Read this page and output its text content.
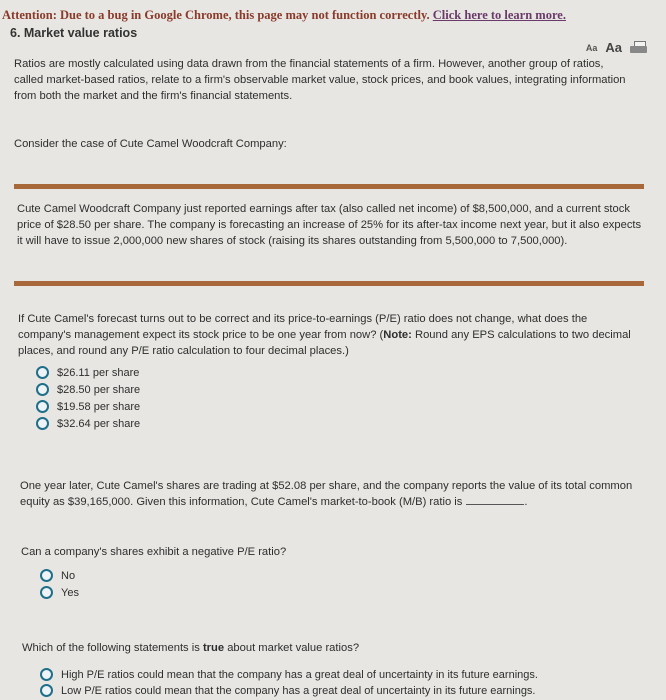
Attention: Due to a bug in Google Chrome, this page may not function correctly. Click here to learn more.
6. Market value ratios
Aa Aa
Ratios are mostly calculated using data drawn from the financial statements of a firm. However, another group of ratios, called market-based ratios, relate to a firm's observable market value, stock prices, and book values, integrating information from both the market and the firm's financial statements.
Consider the case of Cute Camel Woodcraft Company:
Cute Camel Woodcraft Company just reported earnings after tax (also called net income) of $8,500,000, and a current stock price of $28.50 per share. The company is forecasting an increase of 25% for its after-tax income next year, but it also expects it will have to issue 2,000,000 new shares of stock (raising its shares outstanding from 5,500,000 to 7,500,000).
If Cute Camel's forecast turns out to be correct and its price-to-earnings (P/E) ratio does not change, what does the company's management expect its stock price to be one year from now? (Note: Round any EPS calculations to two decimal places, and round any P/E ratio calculation to four decimal places.)
$26.11 per share
$28.50 per share
$19.58 per share
$32.64 per share
One year later, Cute Camel's shares are trading at $52.08 per share, and the company reports the value of its total common equity as $39,165,000. Given this information, Cute Camel's market-to-book (M/B) ratio is	.
Can a company's shares exhibit a negative P/E ratio?
No
Yes
Which of the following statements is true about market value ratios?
High P/E ratios could mean that the company has a great deal of uncertainty in its future earnings.
Low P/E ratios could mean that the company has a great deal of uncertainty in its future earnings.
